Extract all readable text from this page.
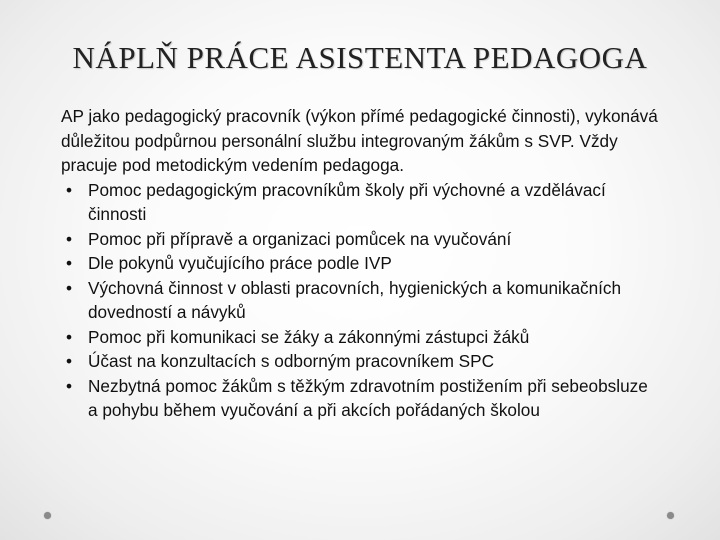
NÁPLŇ PRÁCE ASISTENTA PEDAGOGA

AP jako pedagogický pracovník (výkon přímé pedagogické činnosti), vykonává důležitou podpůrnou personální službu integrovaným žákům s SVP. Vždy pracuje pod metodickým vedením pedagoga.

• Pomoc pedagogickým pracovníkům školy při výchovné a vzdělávací činnosti
• Pomoc při přípravě a organizaci pomůcek na vyučování
• Dle pokynů vyučujícího práce podle IVP
• Výchovná činnost v oblasti pracovních, hygienických a komunikačních dovedností a návyků
• Pomoc při komunikaci se žáky a zákonnými zástupci žáků
• Účast na konzultacích s odborným pracovníkem SPC
• Nezbytná pomoc žákům s těžkým zdravotním postižením při sebeobsluze a pohybu během vyučování a při akcích pořádaných školou
